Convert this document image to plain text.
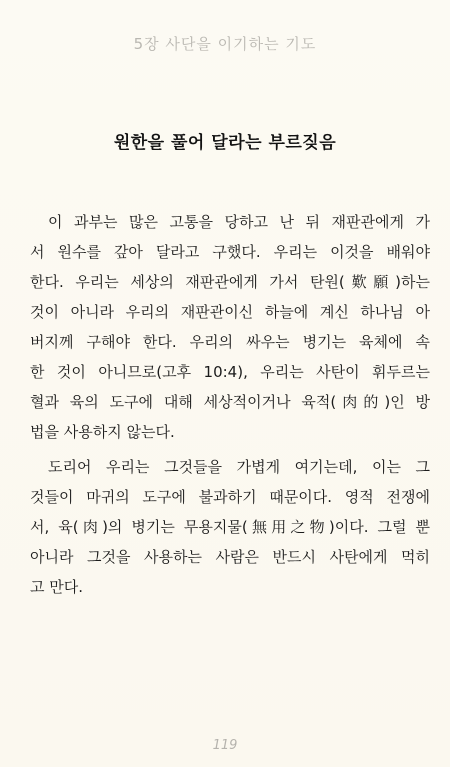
5장 사단을 이기하는 기도
원한을 풀어 달라는 부르짖음
이 과부는 많은 고통을 당하고 난 뒤 재판관에게 가
서 원수를 갚아 달라고 구했다. 우리는 이것을 배워야
한다. 우리는 세상의 재판관에게 가서 탄원(歎願)하는
것이 아니라 우리의 재판관이신 하늘에 계신 하나님 아
버지께 구해야 한다. 우리의 싸우는 병기는 육체에 속
한 것이 아니므로(고후 10:4), 우리는 사탄이 휘두르는
혈과 육의 도구에 대해 세상적이거나 육적(肉的)인 방
법을 사용하지 않는다.
도리어 우리는 그것들을 가볍게 여기는데, 이는 그
것들이 마귀의 도구에 불과하기 때문이다. 영적 전쟁에
서, 육(肉)의 병기는 무용지물(無用之物)이다. 그럴 뿐
아니라 그것을 사용하는 사람은 반드시 사탄에게 먹히
고 만다.
119
